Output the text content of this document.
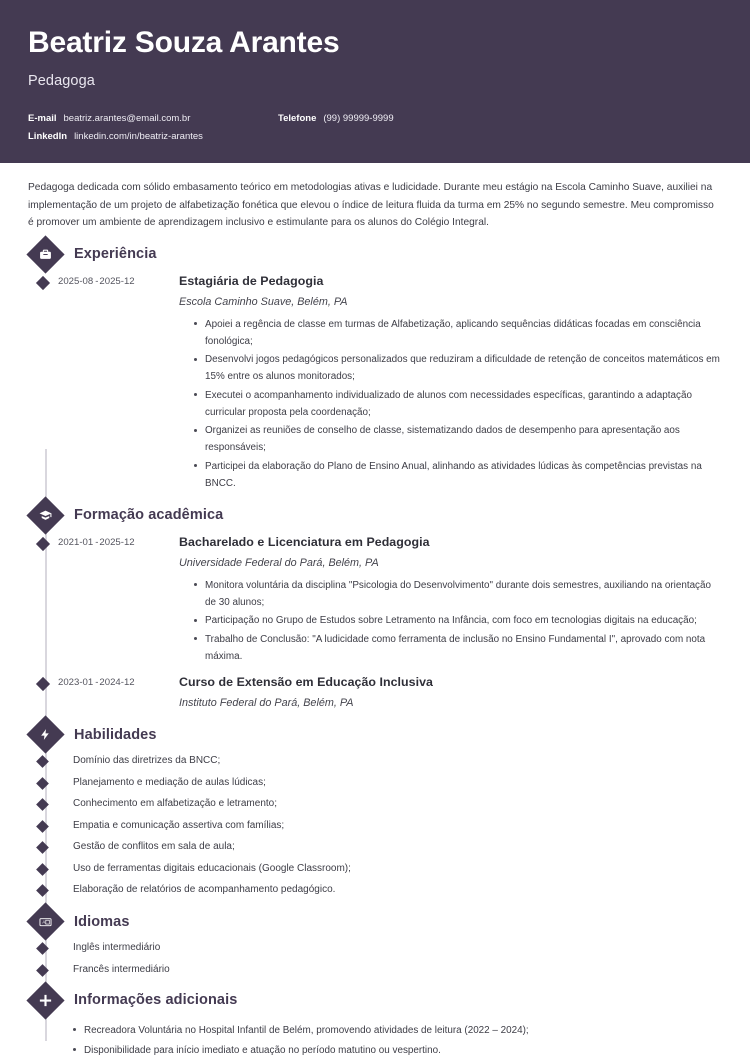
Beatriz Souza Arantes
Pedagoga
E-mail beatriz.arantes@email.com.br	Telefone (99) 99999-9999
LinkedIn linkedin.com/in/beatriz-arantes

Pedagoga dedicada com sólido embasamento teórico em metodologias ativas e ludicidade. Durante meu estágio na Escola Caminho Suave, auxiliei na implementação de um projeto de alfabetização fonética que elevou o índice de leitura fluida da turma em 25% no segundo semestre. Meu compromisso é promover um ambiente de aprendizagem inclusivo e estimulante para os alunos do Colégio Integral.

Experiência
2025-08 -2025-12	Estagiária de Pedagogia
Escola Caminho Suave, Belém, PA
Apoiei a regência de classe em turmas de Alfabetização, aplicando sequências didáticas focadas em consciência fonológica;
Desenvolvi jogos pedagógicos personalizados que reduziram a dificuldade de retenção de conceitos matemáticos em 15% entre os alunos monitorados;
Executei o acompanhamento individualizado de alunos com necessidades específicas, garantindo a adaptação curricular proposta pela coordenação;
Organizei as reuniões de conselho de classe, sistematizando dados de desempenho para apresentação aos responsáveis;
Participei da elaboração do Plano de Ensino Anual, alinhando as atividades lúdicas às competências previstas na BNCC.
Formação acadêmica
2021-01 -2025-12	Bacharelado e Licenciatura em Pedagogia
Universidade Federal do Pará, Belém, PA
Monitora voluntária da disciplina "Psicologia do Desenvolvimento" durante dois semestres, auxiliando na orientação de 30 alunos;
Participação no Grupo de Estudos sobre Letramento na Infância, com foco em tecnologias digitais na educação;
Trabalho de Conclusão: "A ludicidade como ferramenta de inclusão no Ensino Fundamental I", aprovado com nota máxima.
2023-01 -2024-12	Curso de Extensão em Educação Inclusiva
Instituto Federal do Pará, Belém, PA
Habilidades
Domínio das diretrizes da BNCC;
Planejamento e mediação de aulas lúdicas;
Conhecimento em alfabetização e letramento;
Empatia e comunicação assertiva com famílias;
Gestão de conflitos em sala de aula;
Uso de ferramentas digitais educacionais (Google Classroom);
Elaboração de relatórios de acompanhamento pedagógico.
A Idiomas
Inglês intermediário
Francês intermediário
Informações adicionais
Recreadora Voluntária no Hospital Infantil de Belém, promovendo atividades de leitura (2022 – 2024);
Disponibilidade para início imediato e atuação no período matutino ou vespertino.
